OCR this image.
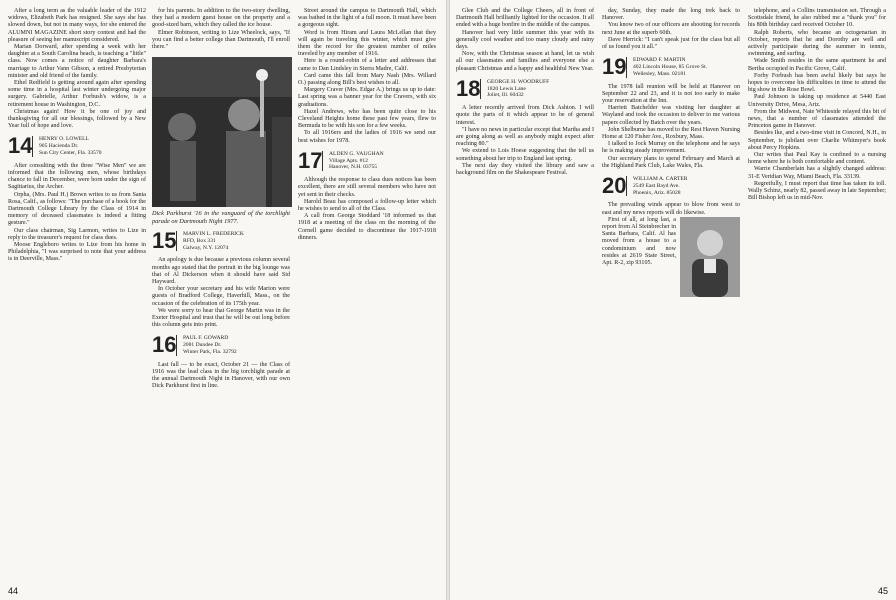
After a long term as the valuable leader of the 1912 widows, Elizabeth Park has resigned. She says she has slowed down, but not in many ways, for she entered the ALUMNI MAGAZINE short story contest and had the pleasure of seeing her manuscript considered.

Marian Dorward, after spending a week with her daughter at a South Carolina beach, is teaching a "little" class. Now comes a notice of daughter Barbara's marriage to Arthur Vann Gibson, a retired Presbyterian minister and old friend of the family.

Ethel Redfield is getting around again after spending some time in a hospital last winter undergoing major surgery. Gabrielle, Arthur Forbush's widow, is a retirement house in Washington, D.C.

Christmas again! How it be one of joy and thanksgiving for all our blessings, followed by a New Year full of hope and love.

14 HENRY O. LOWELL
905 Hacienda Dr.
Sun City Center, Fla. 33570

After consulting with the three "Wise Men" we are informed that the following men, whose birthdays chance to fall in December, were born under the sign of Sagittarius, the Archer.

Orpha, (Mrs. Paul H.) Brown writes to us from Santa Rosa, Calif., as follows: "The purchase of a book for the Dartmouth College Library by the Class of 1914 in memory of deceased classmates is indeed a fitting gesture."

Our class chairman, Sig Larmon, writes to Lize in reply to the treasurer's request for class dues.

Moose Engleboro writes to Lize from his home in Philadelphia, "I was surprised to note that your address is in Deerville, Mass."

for his parents. In addition to the two-story dwelling, they had a modern guest house on the property and a good-sized barn, which they called the ice house.

Elmer Robinson, writing to Lize Wheelock, says, "If you can find a better college than Dartmouth, I'll enroll there."

Dick Parkhurst '16 in the vanguard of the torchlight parade on Dartmouth Night 1977.
15 MARVIN L. FREDERICK
RFD, Box 331
Galway, N.Y. 12074

An apology is due because a previous column several months ago stated that the portrait in the big lounge was that of Al Dickerson when it should have said Sid Hayward.

In October your secretary and his wife Marion were guests of Bradford College, Haverhill, Mass., on the occasion of the celebration of its 175th year.

We were sorry to hear that George Martin was in the Exeter Hospital and trust that he will be out long before this column gets into print.

16 PAUL F. GOWARD
2081 Dundee Dr.
Winter Park, Fla. 32792

Last fall — to be exact, October 21 — the Class of 1916 was the lead class in the big torchlight parade at the annual Dartmouth Night in Hanover, with our own Dick Parkhurst first in line.

Street around the campus to Dartmouth Hall, which was bathed in the light of a full moon. It must have been a gorgeous sight.

Word is from Hiram and Laura McLellan that they will again be traveling this winter, which must give them the record for the greatest number of miles traveled by any member of 1916.

Here is a round-robin of a letter and addresses that came to Dan Lindsley in Sierra Madre, Calif.

Card came this fall from Mary Nash (Mrs. Willard O.) passing along Bill's best wishes to all.

Margery Craver (Mrs. Edgar A.) brings us up to date: Last spring was a banner year for the Cravers, with six graduations.

Hazel Andrews, who has been quite close to his Cleveland Heights home these past few years, flew to Bermuda to be with his son for a few weeks.

To all 1916ers and the ladies of 1916 we send our best wishes for 1978.

17 ALDEN G. VAUGHAN
Village Apts. #12
Hanover, N.H. 03755

Although the response to class dues notices has been excellent, there are still several members who have not yet sent in their checks.

Harold Beau has composed a follow-up letter which he wishes to send to all of the Class.

A call from George Stoddard '18 informed us that 1918 at a meeting of the class on the morning of the Cornell game decided to discontinue the 1917-1918 dinners.

44

Glee Club and the College Cheers, all in front of Dartmouth Hall brilliantly lighted for the occasion. It all ended with a huge bonfire in the middle of the campus.

Hanover had very little summer this year with its generally cool weather and too many cloudy and rainy days.

Now, with the Christmas season at hand, let us wish all our classmates and families and everyone else a pleasant Christmas and a happy and healthful New Year.

18 GEORGE H. WOODRUFF
1820 Lewis Lane
Joliet, Ill. 60432

A letter recently arrived from Dick Ashton. I will quote the parts of it which appear to be of general interest.

"I have no news in particular except that Martha and I are going along as well as anybody might expect after reaching 80."

We extend to Lois Hoese suggesting that the tell us something about her trip to England last spring.

The next day they visited the library and saw a background film on the Shakespeare Festival.

day, Sunday, they made the long trek back to Hanover.

You know two of our officers are shooting for records next June at the superb 60th.

Dave Herrick: "I can't speak just for the class but all of us found you it all."

19 EDWARD F. MARTIN
402 Lincoln House, 85 Grove St.
Wellesley, Mass. 02181

The 1978 fall reunion will be held at Hanover on September 22 and 23, and it is not too early to make your reservation at the Inn.

Harriett Batchelder was visiting her daughter at Wayland and took the occasion to deliver to me various papers collected by Batch over the years.

John Shelburne has moved to the Rest Haven Nursing Home at 120 Fisher Ave., Roxbury, Mass.

I talked to Jock Murray on the telephone and he says he is making steady improvement.

Our secretary plans to spend February and March at the Highland Park Club, Lake Wales, Fla.

20 WILLIAM A. CARTER
2549 East Bayd Ave.
Phoenix, Ariz. 85028

The prevailing winds appear to blow from west to east and my news reports will do likewise.

First of all, at long last, a report from Al Steinbrecher in Santa Barbara, Calif. Al has moved from a house to a condominium and now resides at 2619 State Street, Apt. R-2, zip 93105.

telephone, and a Collins transmission set. Through a Scottsdale friend, he also rubbed me a "thank you" for his 80th birthday card received October 10.

Ralph Roberts, who became an octogenarian in October, reports that he and Dorothy are well and actively participate during the summer in tennis, swimming, and surfing.

Wade Smith resides in the same apartment he and Bertha occupied in Pacific Grove, Calif.

Forby Forbush has been awful likely but says he hopes to overcome his difficulties in time to attend the big show in the Rose Bowl.

Paul Johnson is taking up residence at 5440 East University Drive, Mesa, Ariz.

From the Midwest, Nate Whiteside relayed this bit of news, that a number of classmates attended the Princeton game in Hanover.

Besides Ike, and a two-time visit in Concord, N.H., in September, is jubilant over Charlie Whitmyer's book about Percy Hopkins.

Our writes that Paul Kay is confined to a nursing home where he is both comfortable and content.

Warrie Chamberlain has a slightly changed address: 31-E Veridian Way, Miami Beach, Fla. 33139.

Regretfully, I must report that time has taken its toll. Wally Schinz, nearly 82, passed away in late September; Bill Bishop left us in mid-Nov.

45
